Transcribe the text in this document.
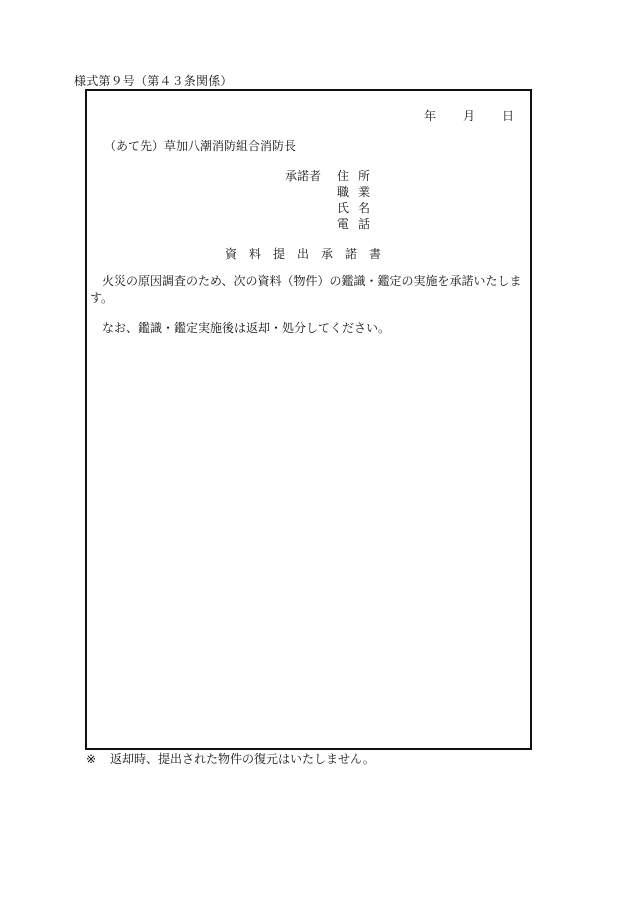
様式第９号（第４３条関係）
年 月 日
（あて先）草加八潮消防組合消防長
承諾者 住所
職業
氏名
電話
資料提出承諾書
火災の原因調査のため、次の資料（物件）の鑑識・鑑定の実施を承諾いたします。
なお、鑑識・鑑定実施後は返却・処分してください。
※ 返却時、提出された物件の復元はいたしません。
